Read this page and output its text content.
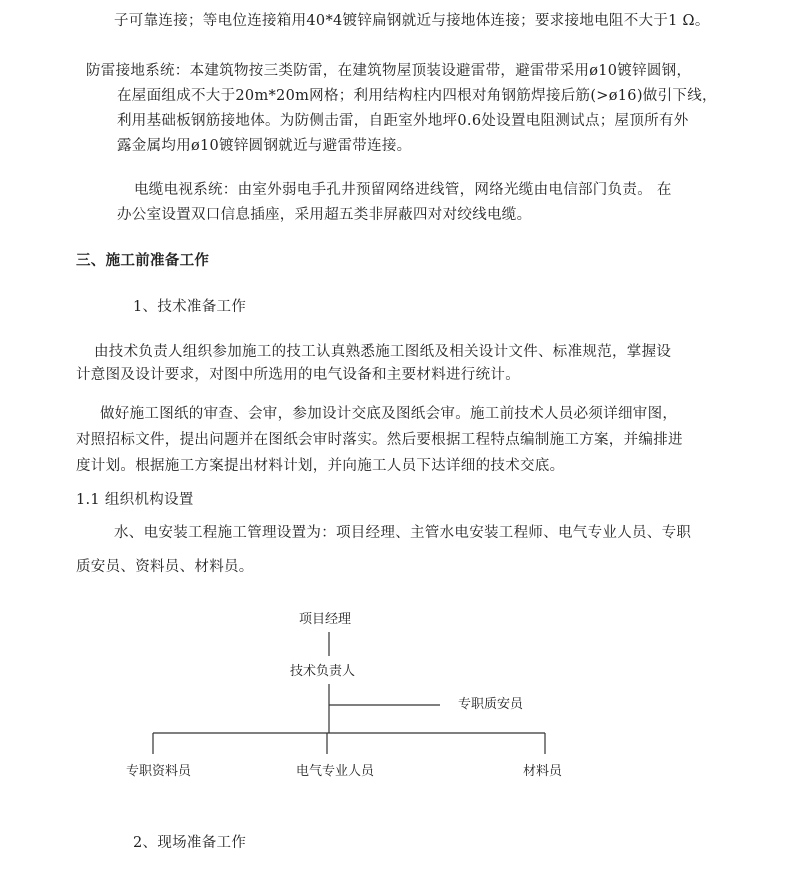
子可靠连接；等电位连接箱用40*4镀锌扁钢就近与接地体连接；要求接地电阻不大于1 Ω。
防雷接地系统：本建筑物按三类防雷，在建筑物屋顶装设避雷带，避雷带采用ø10镀锌圆钢，
在屋面组成不大于20m*20m网格；利用结构柱内四根对角钢筋焊接后筋(>ø16)做引下线，
利用基础板钢筋接地体。为防侧击雷，自距室外地坪0.6处设置电阻测试点；屋顶所有外
露金属均用ø10镀锌圆钢就近与避雷带连接。
电缆电视系统：由室外弱电手孔井预留网络进线管，网络光缆由电信部门负责。 在
办公室设置双口信息插座，采用超五类非屏蔽四对对绞线电缆。
三、施工前准备工作
1、技术准备工作
由技术负责人组织参加施工的技工认真熟悉施工图纸及相关设计文件、标准规范，掌握设
计意图及设计要求，对图中所选用的电气设备和主要材料进行统计。
做好施工图纸的审查、会审，参加设计交底及图纸会审。施工前技术人员必须详细审图，
对照招标文件，提出问题并在图纸会审时落实。然后要根据工程特点编制施工方案，并编排进
度计划。根据施工方案提出材料计划，并向施工人员下达详细的技术交底。
1.1 组织机构设置
水、电安装工程施工管理设置为：项目经理、主管水电安装工程师、电气专业人员、专职
质安员、资料员、材料员。
项目经理
技术负责人
专职质安员
专职资料员	电气专业人员	材料员
2、现场准备工作
